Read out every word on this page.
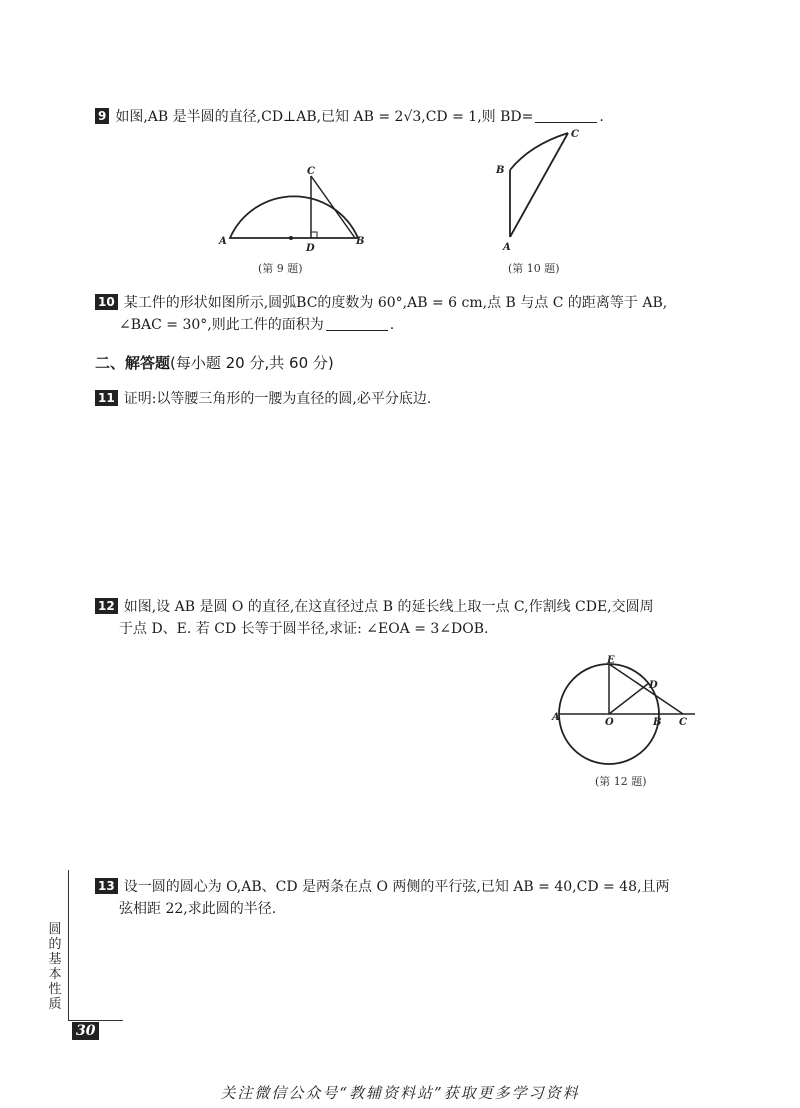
9 如图,AB 是半圆的直径,CD⊥AB,已知 AB = 2√3,CD = 1,则 BD=	.
A
C
D
B
(第 9 题)
A
B
C
(第 10 题)
10 某工件的形状如图所示,圆弧BC的度数为 60°,AB = 6 cm,点 B 与点 C 的距离等于 AB,
∠BAC = 30°,则此工件的面积为	.
二、解答题(每小题 20 分,共 60 分)
11 证明:以等腰三角形的一腰为直径的圆,必平分底边.
12 如图,设 AB 是圆 O 的直径,在这直径过点 B 的延长线上取一点 C,作割线 CDE,交圆周
于点 D、E. 若 CD 长等于圆半径,求证: ∠EOA = 3∠DOB.
E
D
A	O	B C
(第 12 题)
13 设一圆的圆心为 O,AB、CD 是两条在点 O 两侧的平行弦,已知 AB = 40,CD = 48,且两
弦相距 22,求此圆的半径.
圆的基本性质
30
关注微信公众号“教辅资料站”获取更多学习资料
